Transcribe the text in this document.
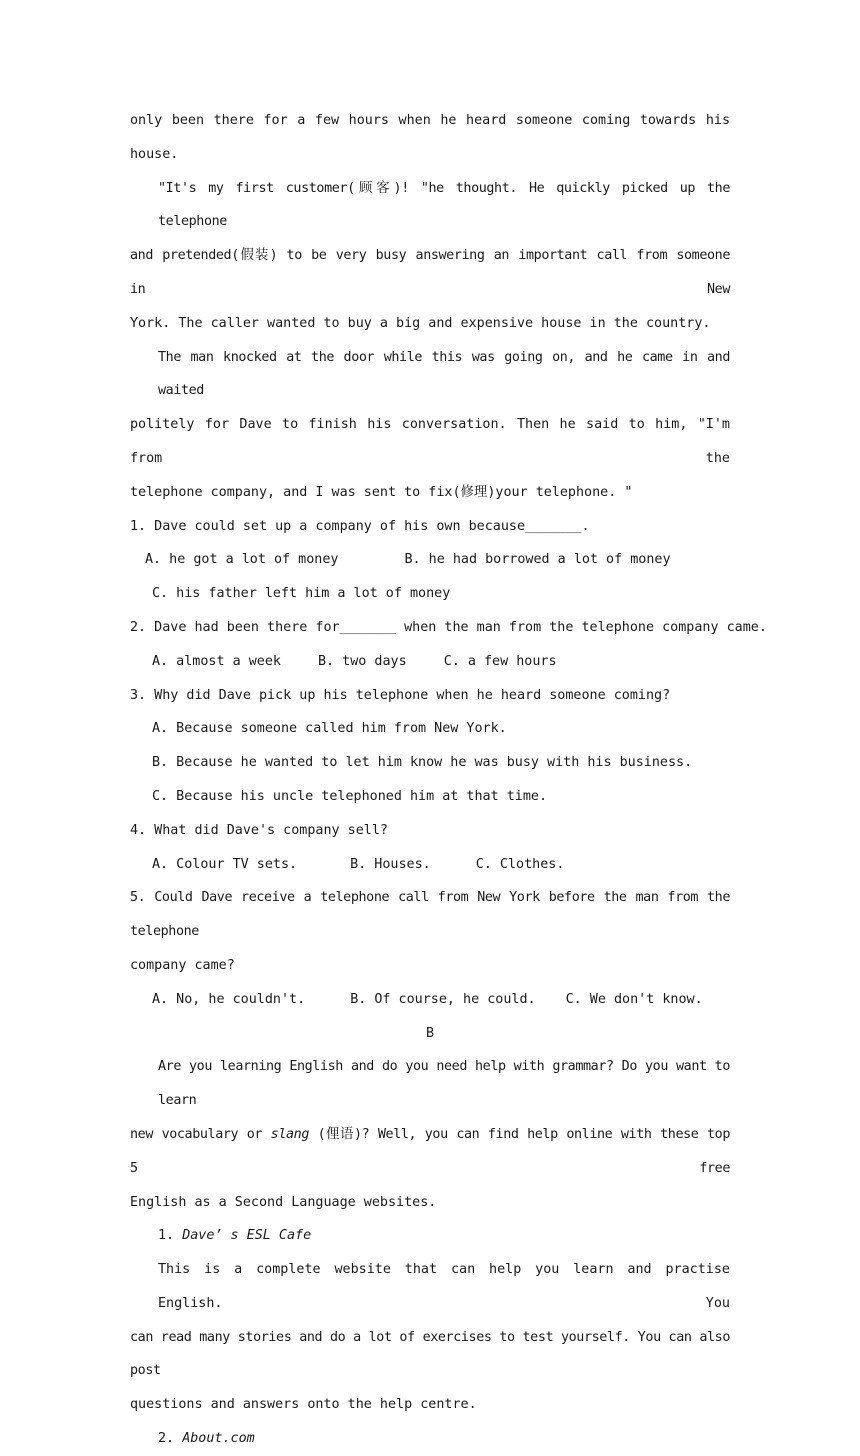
only been there for a few hours when he heard someone coming towards his house.
"It's my first customer(顾客)! "he thought. He quickly picked up the telephone
and pretended(假装) to be very busy answering an important call from someone in New
York. The caller wanted to buy a big and expensive house in the country.
The man knocked at the door while this was going on, and he came in and waited
politely for Dave to finish his conversation. Then he said to him, "I'm from the
telephone company, and I was sent to fix(修理)your telephone. "
1. Dave could set up a company of his own because_______.
A. he got a lot of money	B. he had borrowed a lot of money
C. his father left him a lot of money
2. Dave had been there for_______ when the man from the telephone company came.
A. almost a week	B. two days	C. a few hours
3. Why did Dave pick up his telephone when he heard someone coming?
A. Because someone called him from New York.
B. Because he wanted to let him know he was busy with his business.
C. Because his uncle telephoned him at that time.
4. What did Dave's company sell?
A. Colour TV sets.	B. Houses.	C. Clothes.
5. Could Dave receive a telephone call from New York before the man from the telephone
company came?
A. No, he couldn't.	B. Of course, he could. C. We don't know.
B
Are you learning English and do you need help with grammar? Do you want to learn
new vocabulary or slang (俚语)? Well, you can find help online with these top 5 free
English as a Second Language websites.
1. Dave’ s ESL Cafe
This is a complete website that can help you learn and practise English. You
can read many stories and do a lot of exercises to test yourself. You can also post
questions and answers onto the help centre.
2. About.com
